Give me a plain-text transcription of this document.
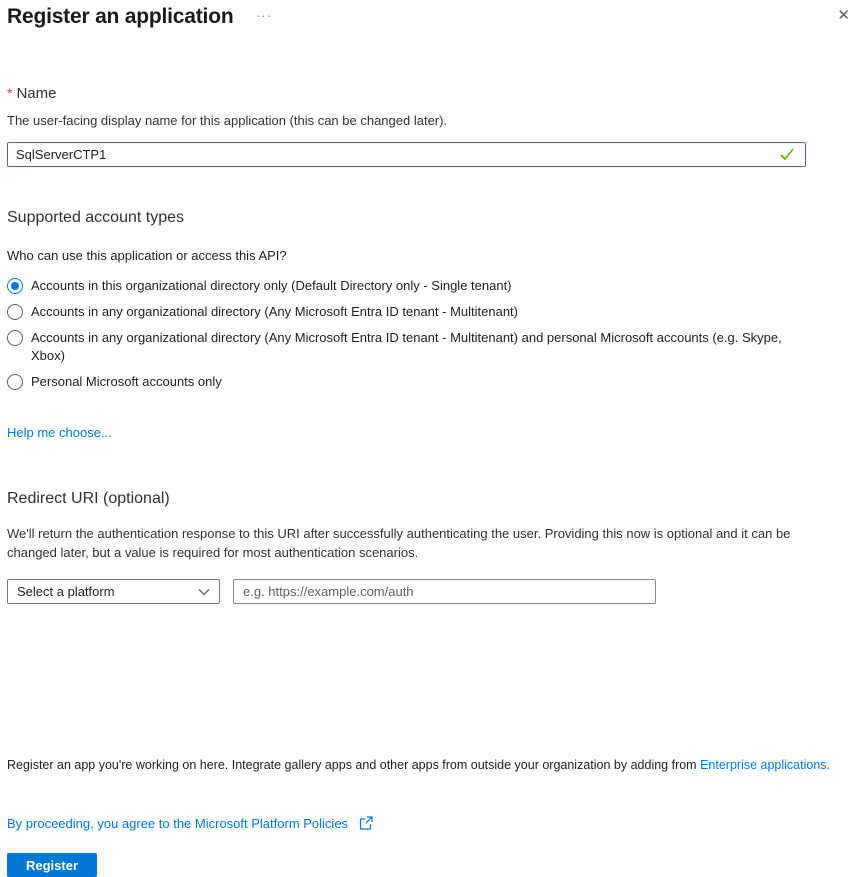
Register an application ···	✕
* Name
The user-facing display name for this application (this can be changed later).
SqlServerCTP1
Supported account types
Who can use this application or access this API?
Accounts in this organizational directory only (Default Directory only - Single tenant)
Accounts in any organizational directory (Any Microsoft Entra ID tenant - Multitenant)
Accounts in any organizational directory (Any Microsoft Entra ID tenant - Multitenant) and personal Microsoft accounts (e.g. Skype, Xbox)
Personal Microsoft accounts only
Help me choose...
Redirect URI (optional)
We'll return the authentication response to this URI after successfully authenticating the user. Providing this now is optional and it can be changed later, but a value is required for most authentication scenarios.
Select a platform
e.g. https://example.com/auth
Register an app you're working on here. Integrate gallery apps and other apps from outside your organization by adding from Enterprise applications.
By proceeding, you agree to the Microsoft Platform Policies
Register
